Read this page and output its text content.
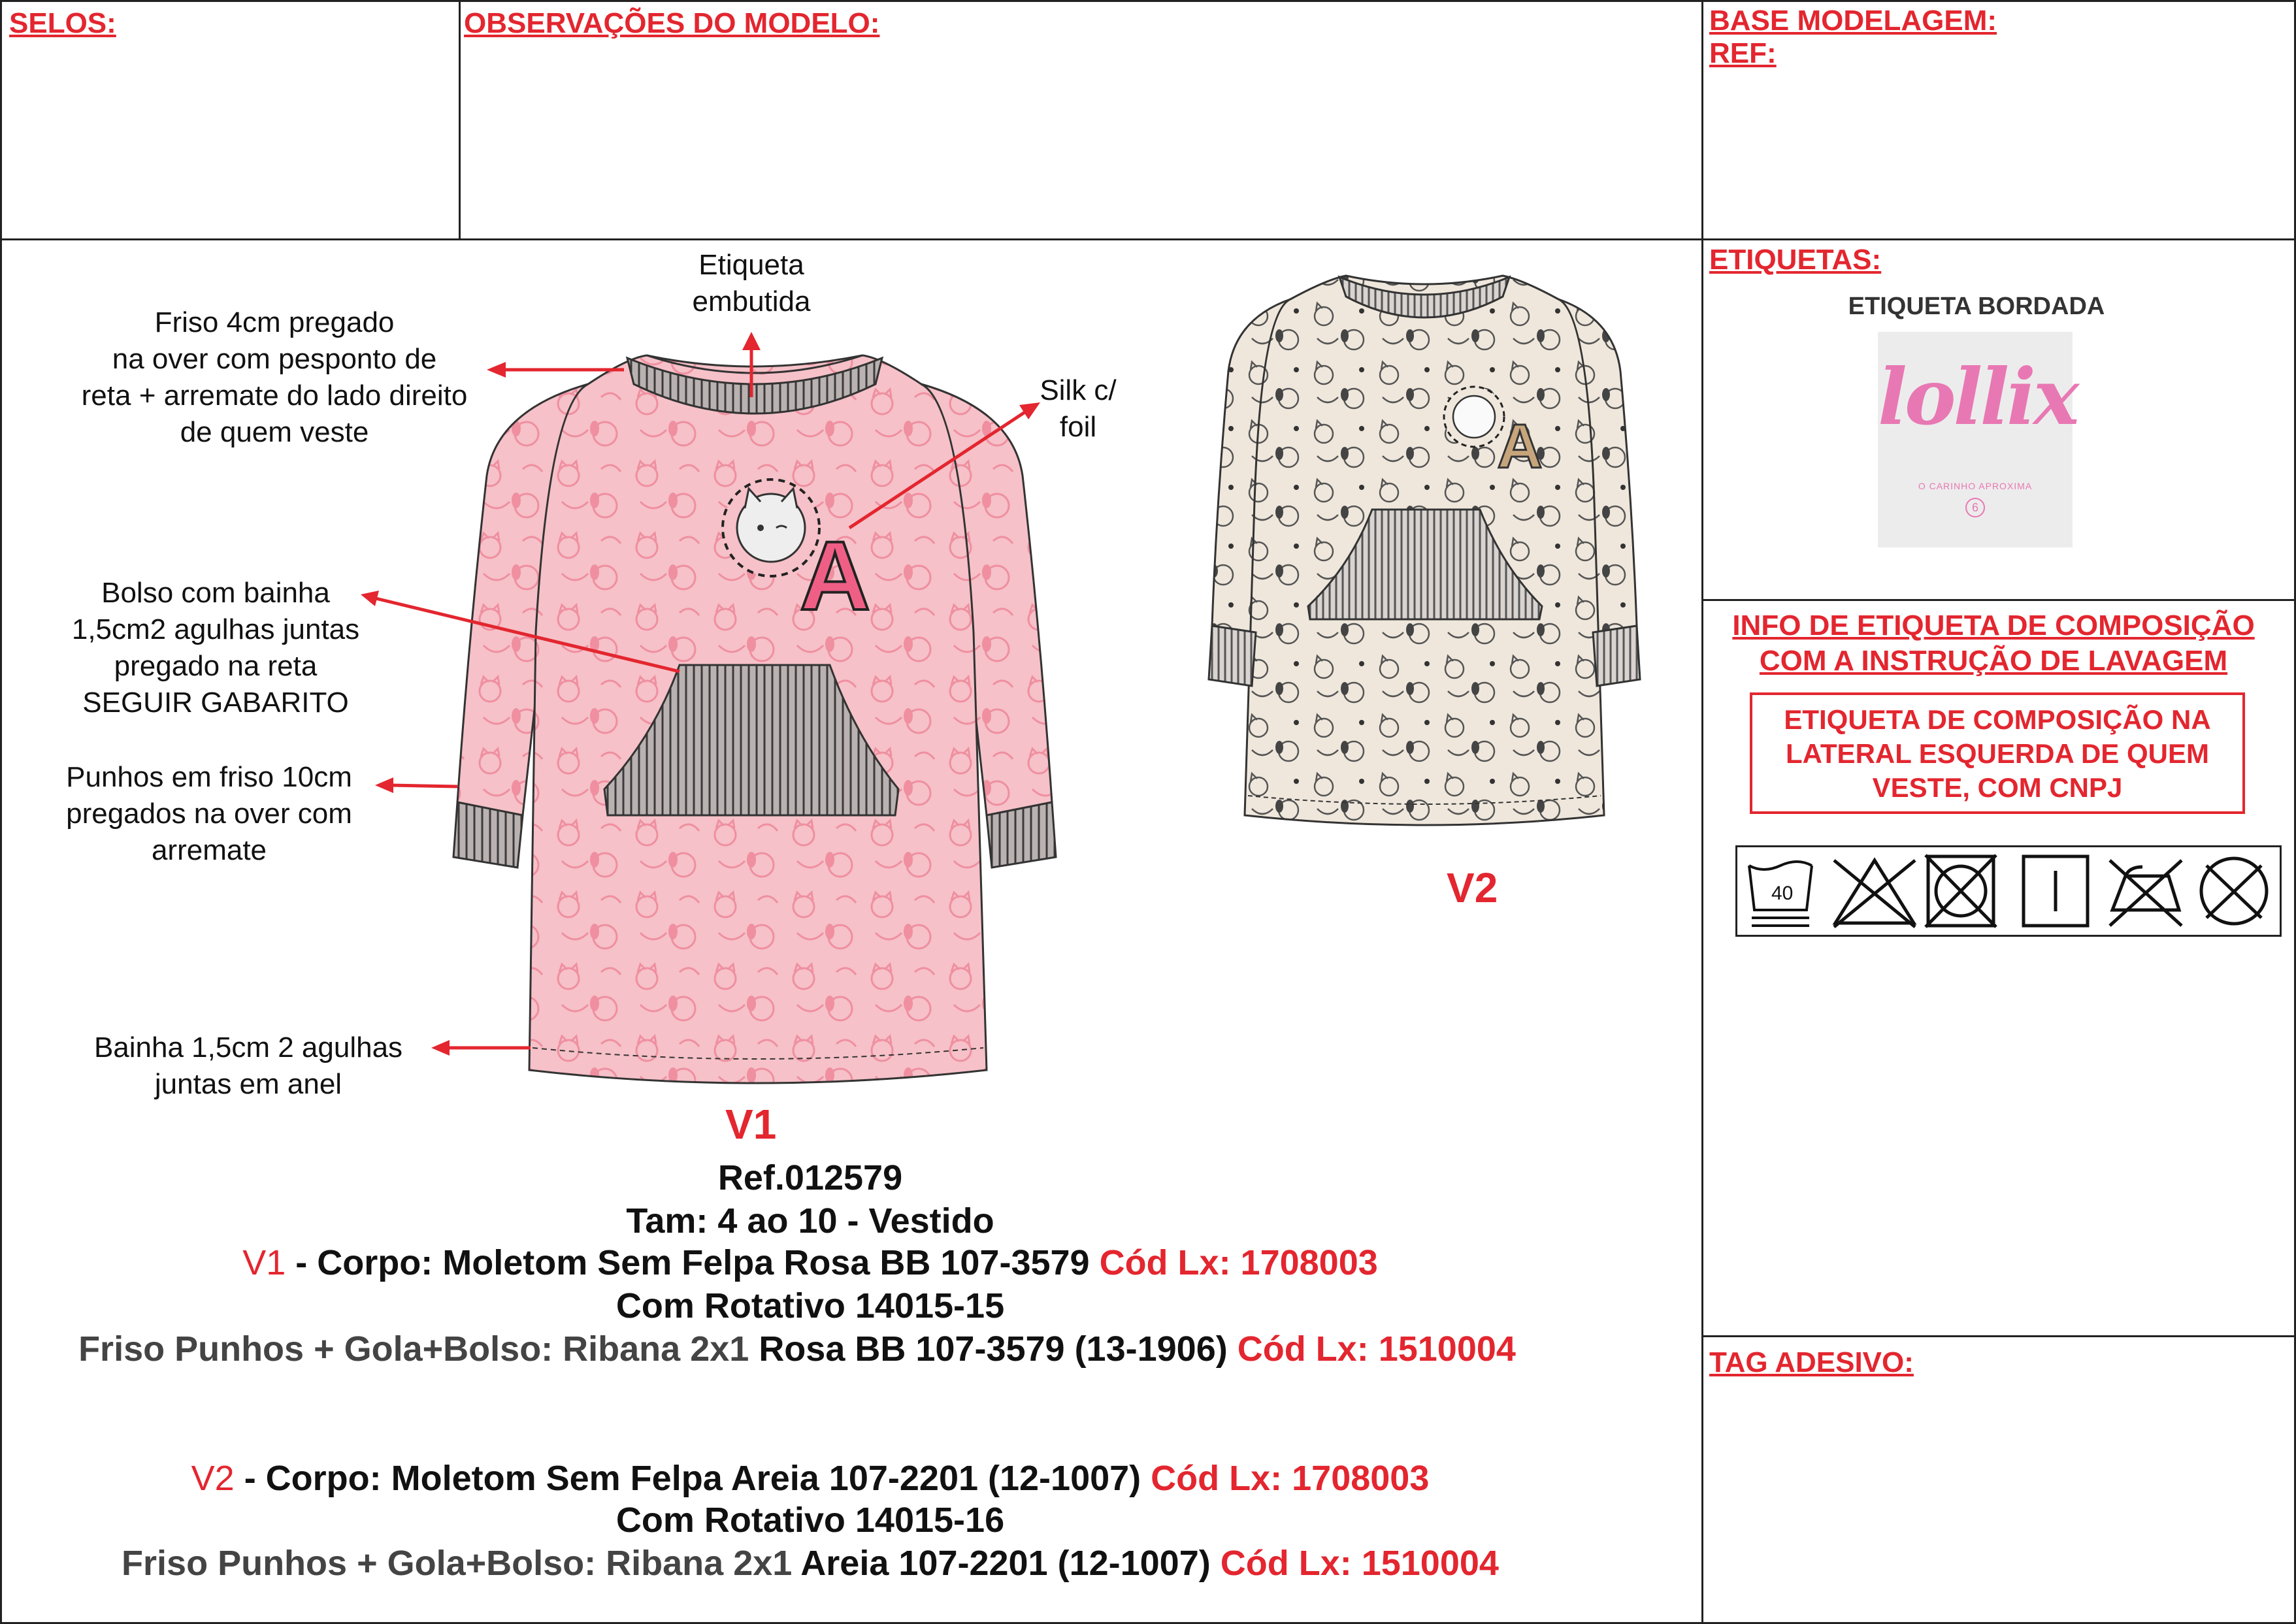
SELOS:	OBSERVAÇÕES DO MODELO:	BASE MODELAGEM:
REF:
ETIQUETAS:
INFO DE ETIQUETA DE COMPOSIÇÃO
COM A INSTRUÇÃO DE LAVAGEM
TAG ADESIVO:
ETIQUETA BORDADA
lollix
O CARINHO APROXIMA
6
ETIQUETA DE COMPOSIÇÃO NA
LATERAL ESQUERDA DE QUEM
VESTE, COM CNPJ
40
A
A
Etiqueta
embutida
Friso 4cm pregado
na over com pesponto de
reta + arremate do lado direito
de quem veste
Silk c/
foil
Bolso com bainha
1,5cm2 agulhas juntas
pregado na reta
SEGUIR GABARITO
Punhos em friso 10cm
pregados na over com
arremate
Bainha 1,5cm 2 agulhas
juntas em anel
V1
V2
Ref.012579
Tam: 4 ao 10 - Vestido
V1 - Corpo: Moletom Sem Felpa Rosa BB 107-3579 Cód Lx: 1708003
Com Rotativo 14015-15
Friso Punhos + Gola+Bolso: Ribana 2x1 Rosa BB 107-3579 (13-1906) Cód Lx: 1510004
V2 - Corpo: Moletom Sem Felpa Areia 107-2201 (12-1007) Cód Lx: 1708003
Com Rotativo 14015-16
Friso Punhos + Gola+Bolso: Ribana 2x1 Areia 107-2201 (12-1007) Cód Lx: 1510004
